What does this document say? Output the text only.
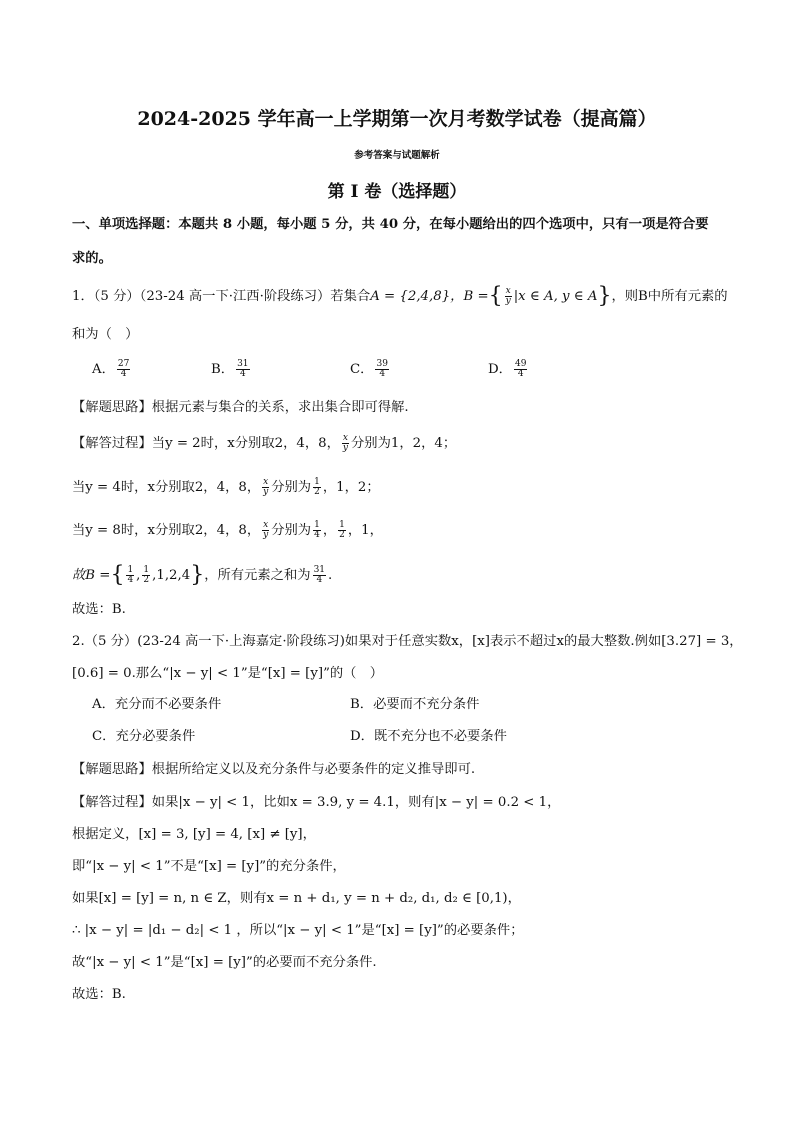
2024-2025 学年高一上学期第一次月考数学试卷（提高篇）
参考答案与试题解析
第 I 卷（选择题）
一、单项选择题：本题共 8 小题，每小题 5 分，共 40 分，在每小题给出的四个选项中，只有一项是符合要
求的。
1．（5 分）（23-24 高一下·江西·阶段练习）若集合A = {2,4,8}，B ={ $\frac{x}{y} |x$ ∈ A, y ∈ A}，则B中所有元素的
和为（　）
A． $\frac{27}{4}$	B． $\frac{31}{4}$	C． $\frac{39}{4}$	D． $\frac{49}{4}$
【解题思路】根据元素与集合的关系，求出集合即可得解.
【解答过程】当y = 2时，x分别取2，4，8， $\frac{x}{y}$ 分别为1，2，4；
当y = 4时，x分别取2，4，8， $\frac{x}{y}$ 分别为 $\frac{1}{2}$ ，1，2；
当y = 8时，x分别取2，4，8， $\frac{x}{y}$ 分别为 $\frac{1}{4}$ ， $\frac{1}{2}$ ，1，
故B ={ $\frac{1}{4}$ , $\frac{1}{2} ,1,2,4$}，所有元素之和为 $\frac{31}{4}$ .
故选：B.
2.（5 分）(23-24 高一下·上海嘉定·阶段练习)如果对于任意实数x，[x]表示不超过x的最大整数.例如[3.27] = 3，
[0.6] = 0.那么“|x − y| < 1”是“[x] = [y]”的（　）
A．充分而不必要条件	B．必要而不充分条件
C．充分必要条件	D．既不充分也不必要条件
【解题思路】根据所给定义以及充分条件与必要条件的定义推导即可.
【解答过程】如果|x − y| < 1，比如x = 3.9, y = 4.1，则有|x − y| = 0.2 < 1，
根据定义，[x] = 3, [y] = 4, [x] ≠ [y]，
即“|x − y| < 1”不是“[x] = [y]”的充分条件，
如果[x] = [y] = n, n ∈ Z，则有x = n + d₁, y = n + d₂, d₁, d₂ ∈ [0,1)，
∴ |x − y| = |d₁ − d₂| < 1 ，所以“|x − y| < 1”是“[x] = [y]”的必要条件；
故“|x − y| < 1”是“[x] = [y]”的必要而不充分条件.
故选：B.
